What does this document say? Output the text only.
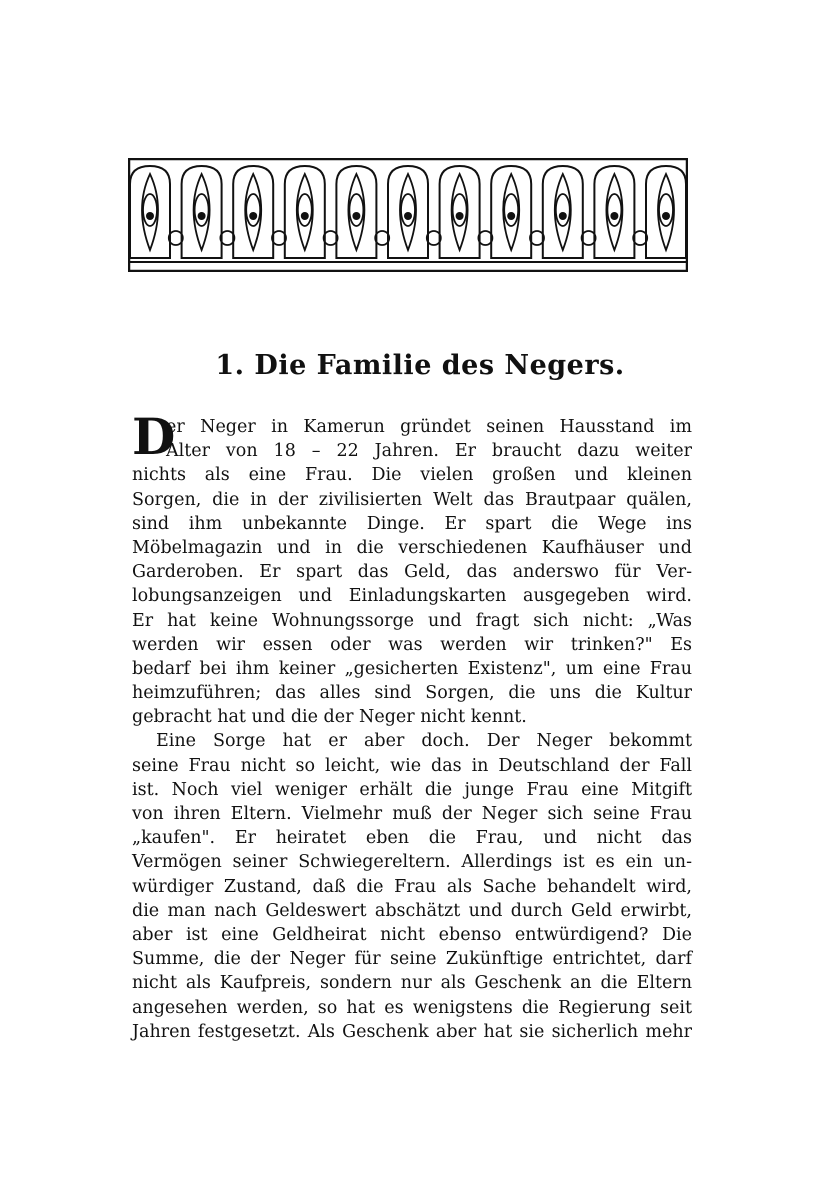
1. Die Familie des Negers.
D
er Neger in Kamerun gründet seinen Hausstand im
Alter von 18 – 22 Jahren. Er braucht dazu weiter
nichts als eine Frau. Die vielen großen und kleinen
Sorgen, die in der zivilisierten Welt das Brautpaar quälen,
sind ihm unbekannte Dinge. Er spart die Wege ins
Möbelmagazin und in die verschiedenen Kaufhäuser und
Garderoben. Er spart das Geld, das anderswo für Ver-
lobungsanzeigen und Einladungskarten ausgegeben wird.
Er hat keine Wohnungssorge und fragt sich nicht: „Was
werden wir essen oder was werden wir trinken?" Es
bedarf bei ihm keiner „gesicherten Existenz", um eine Frau
heimzuführen; das alles sind Sorgen, die uns die Kultur
gebracht hat und die der Neger nicht kennt.
Eine Sorge hat er aber doch. Der Neger bekommt
seine Frau nicht so leicht, wie das in Deutschland der Fall
ist. Noch viel weniger erhält die junge Frau eine Mitgift
von ihren Eltern. Vielmehr muß der Neger sich seine Frau
„kaufen". Er heiratet eben die Frau, und nicht das
Vermögen seiner Schwiegereltern. Allerdings ist es ein un-
würdiger Zustand, daß die Frau als Sache behandelt wird,
die man nach Geldeswert abschätzt und durch Geld erwirbt,
aber ist eine Geldheirat nicht ebenso entwürdigend? Die
Summe, die der Neger für seine Zukünftige entrichtet, darf
nicht als Kaufpreis, sondern nur als Geschenk an die Eltern
angesehen werden, so hat es wenigstens die Regierung seit
Jahren festgesetzt. Als Geschenk aber hat sie sicherlich mehr
